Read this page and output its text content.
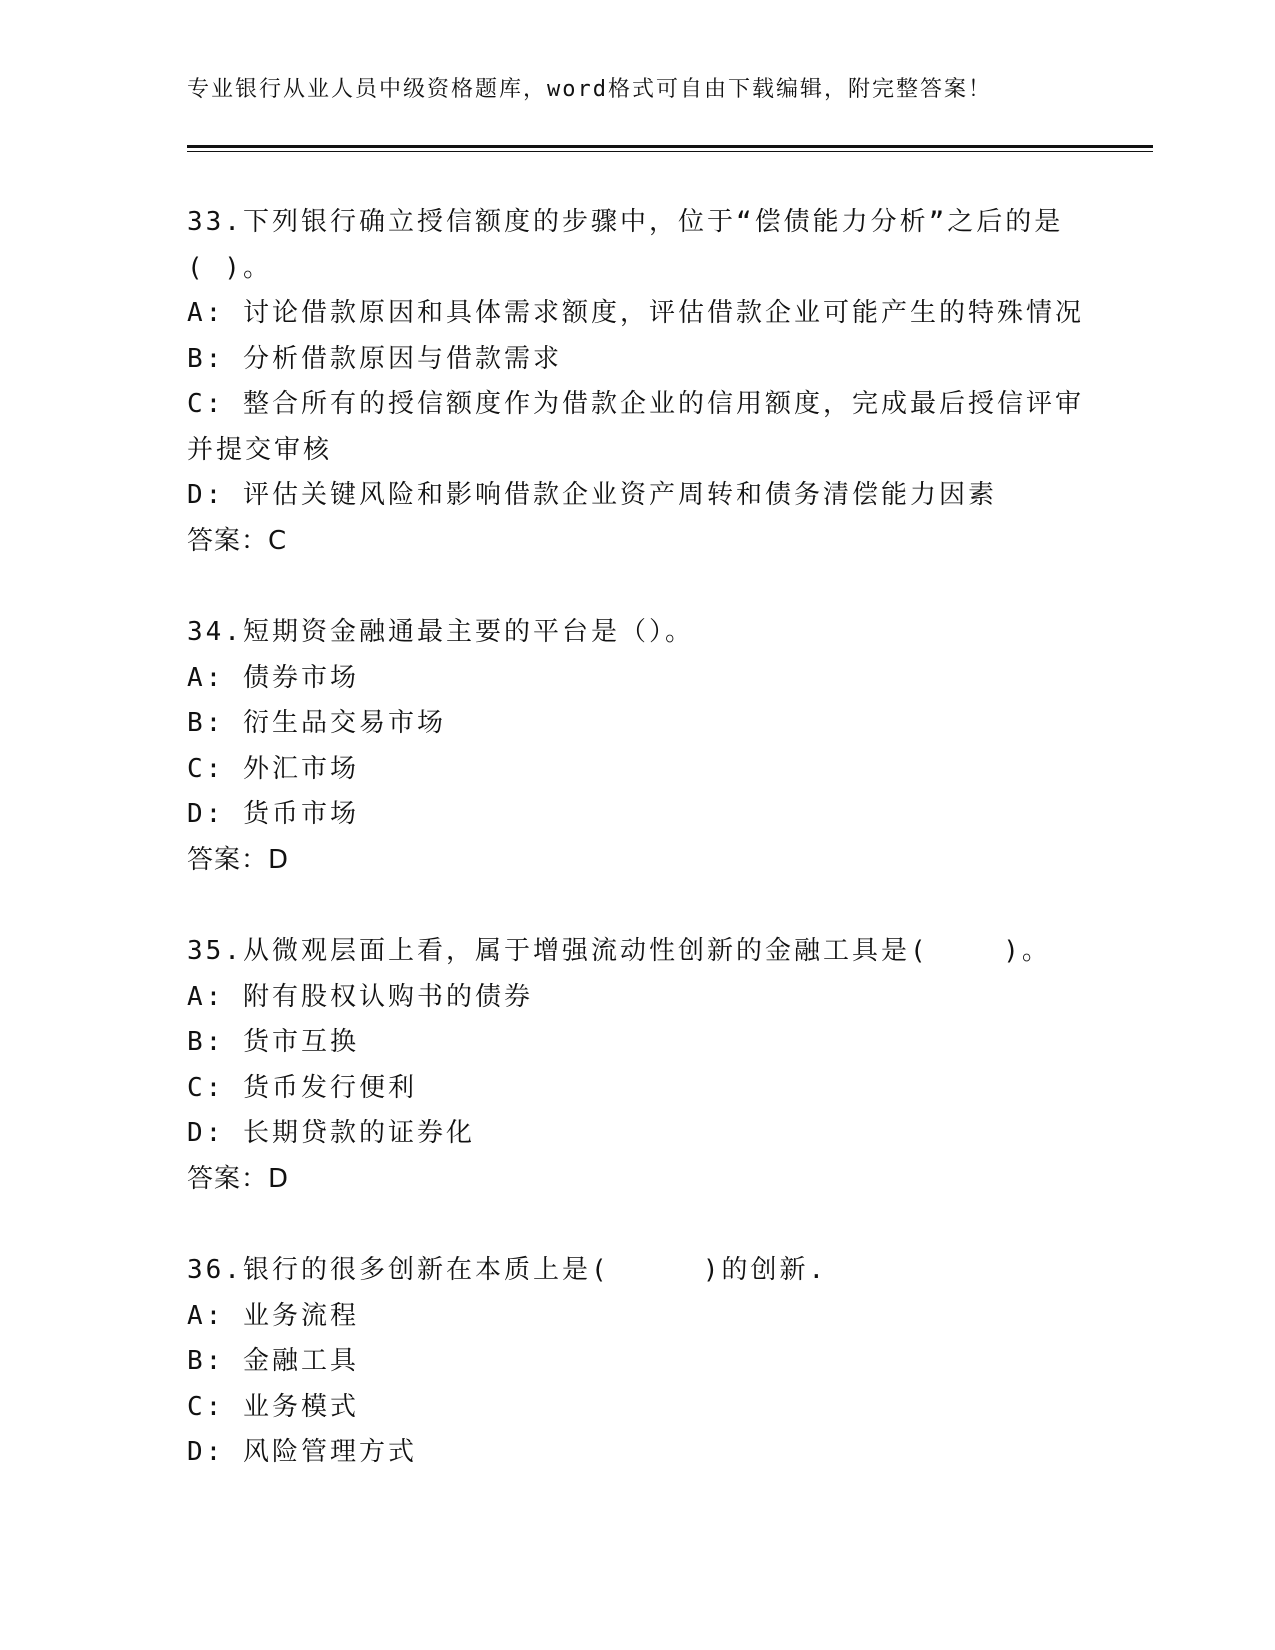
专业银行从业人员中级资格题库，word格式可自由下载编辑，附完整答案！
33.下列银行确立授信额度的步骤中，位于“偿债能力分析”之后的是
( )。
A: 讨论借款原因和具体需求额度，评估借款企业可能产生的特殊情况
B: 分析借款原因与借款需求
C: 整合所有的授信额度作为借款企业的信用额度，完成最后授信评审
并提交审核
D: 评估关键风险和影响借款企业资产周转和债务清偿能力因素
答案：C
34.短期资金融通最主要的平台是（）。
A: 债券市场
B: 衍生品交易市场
C: 外汇市场
D: 货币市场
答案：D
35.从微观层面上看，属于增强流动性创新的金融工具是(    )。
A: 附有股权认购书的债券
B: 货市互换
C: 货币发行便利
D: 长期贷款的证券化
答案：D
36.银行的很多创新在本质上是(     )的创新.
A: 业务流程
B: 金融工具
C: 业务模式
D: 风险管理方式
